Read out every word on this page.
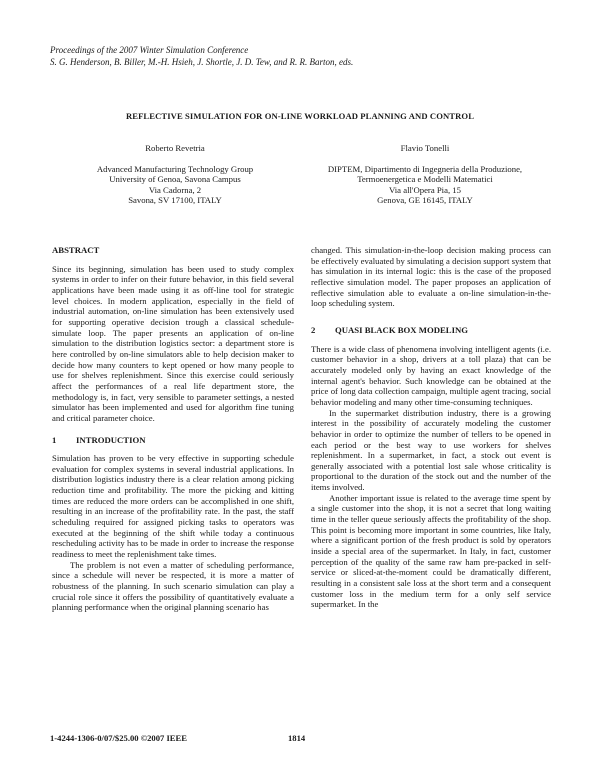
Proceedings of the 2007 Winter Simulation Conference
S. G. Henderson, B. Biller, M.-H. Hsieh, J. Shortle, J. D. Tew, and R. R. Barton, eds.
REFLECTIVE SIMULATION FOR ON-LINE WORKLOAD PLANNING AND CONTROL
Roberto Revetria
Advanced Manufacturing Technology Group
University of Genoa, Savona Campus
Via Cadorna, 2
Savona, SV 17100, ITALY
Flavio Tonelli
DIPTEM, Dipartimento di Ingegneria della Produzione,
Termoenergetica e Modelli Matematici
Via all'Opera Pia, 15
Genova, GE 16145, ITALY
ABSTRACT

Since its beginning, simulation has been used to study complex systems in order to infer on their future behavior, in this field several applications have been made using it as off-line tool for strategic level choices. In modern application, especially in the field of industrial automation, on-line simulation has been extensively used for supporting operative decision trough a classical schedule-simulate loop. The paper presents an application of on-line simulation to the distribution logistics sector: a department store is here controlled by on-line simulators able to help decision maker to decide how many counters to kept opened or how many people to use for shelves replenishment. Since this exercise could seriously affect the performances of a real life department store, the methodology is, in fact, very sensible to parameter settings, a nested simulator has been implemented and used for algorithm fine tuning and critical parameter choice.

1 INTRODUCTION

Simulation has proven to be very effective in supporting schedule evaluation for complex systems in several industrial applications. In distribution logistics industry there is a clear relation among picking reduction time and profitability. The more the picking and kitting times are reduced the more orders can be accomplished in one shift, resulting in an increase of the profitability rate. In the past, the staff scheduling required for assigned picking tasks to operators was executed at the beginning of the shift while today a continuous rescheduling activity has to be made in order to increase the response readiness to meet the replenishment take times.

The problem is not even a matter of scheduling performance, since a schedule will never be respected, it is more a matter of robustness of the planning. In such scenario simulation can play a crucial role since it offers the possibility of quantitatively evaluate a planning performance when the original planning scenario has

changed. This simulation-in-the-loop decision making process can be effectively evaluated by simulating a decision support system that has simulation in its internal logic: this is the case of the proposed reflective simulation model. The paper proposes an application of reflective simulation able to evaluate a on-line simulation-in-the-loop scheduling system.

2 QUASI BLACK BOX MODELING

There is a wide class of phenomena involving intelligent agents (i.e. customer behavior in a shop, drivers at a toll plaza) that can be accurately modeled only by having an exact knowledge of the internal agent's behavior. Such knowledge can be obtained at the price of long data collection campaign, multiple agent tracing, social behavior modeling and many other time-consuming techniques.

In the supermarket distribution industry, there is a growing interest in the possibility of accurately modeling the customer behavior in order to optimize the number of tellers to be opened in each period or the best way to use workers for shelves replenishment. In a supermarket, in fact, a stock out event is generally associated with a potential lost sale whose criticality is proportional to the duration of the stock out and the number of the items involved.

Another important issue is related to the average time spent by a single customer into the shop, it is not a secret that long waiting time in the teller queue seriously affects the profitability of the shop. This point is becoming more important in some countries, like Italy, where a significant portion of the fresh product is sold by operators inside a special area of the supermarket. In Italy, in fact, customer perception of the quality of the same raw ham pre-packed in self-service or sliced-at-the-moment could be dramatically different, resulting in a consistent sale loss at the short term and a consequent customer loss in the medium term for a only self service supermarket. In the

1-4244-1306-0/07/$25.00 ©2007 IEEE	1814
